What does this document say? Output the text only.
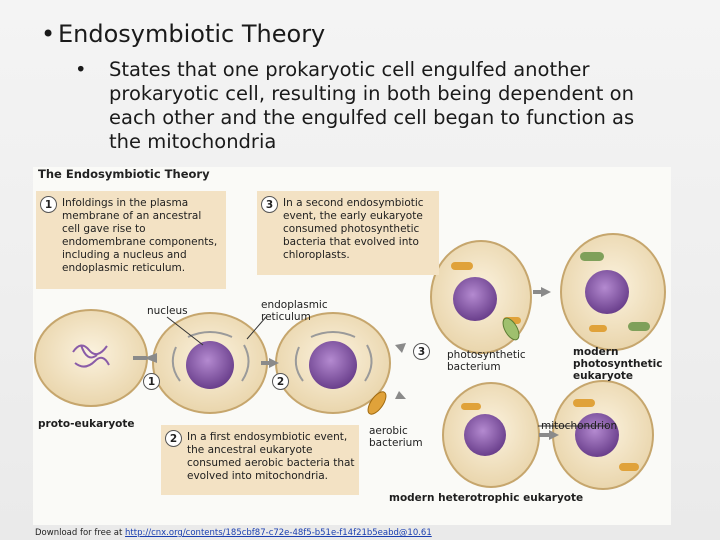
• Endosymbiotic Theory
•	States that one prokaryotic cell engulfed another prokaryotic cell, resulting in both being dependent on each other and the engulfed cell began to function as the mitochondria
The Endosymbiotic Theory
1 Infoldings in the plasma membrane of an ancestral cell gave rise to endomembrane components, including a nucleus and endoplasmic reticulum.
3 In a second endosymbiotic event, the early eukaryote consumed photosynthetic bacteria that evolved into chloroplasts.
2 In a first endosymbiotic event, the ancestral eukaryote consumed aerobic bacteria that evolved into mitochondria.
1	2
3
nucleus	endoplasmic reticulum
proto-eukaryote
photosynthetic bacterium
aerobic bacterium
mitochondrion
modern photosynthetic eukaryote
modern heterotrophic eukaryote
Download for free at http://cnx.org/contents/185cbf87-c72e-48f5-b51e-f14f21b5eabd@10.61
